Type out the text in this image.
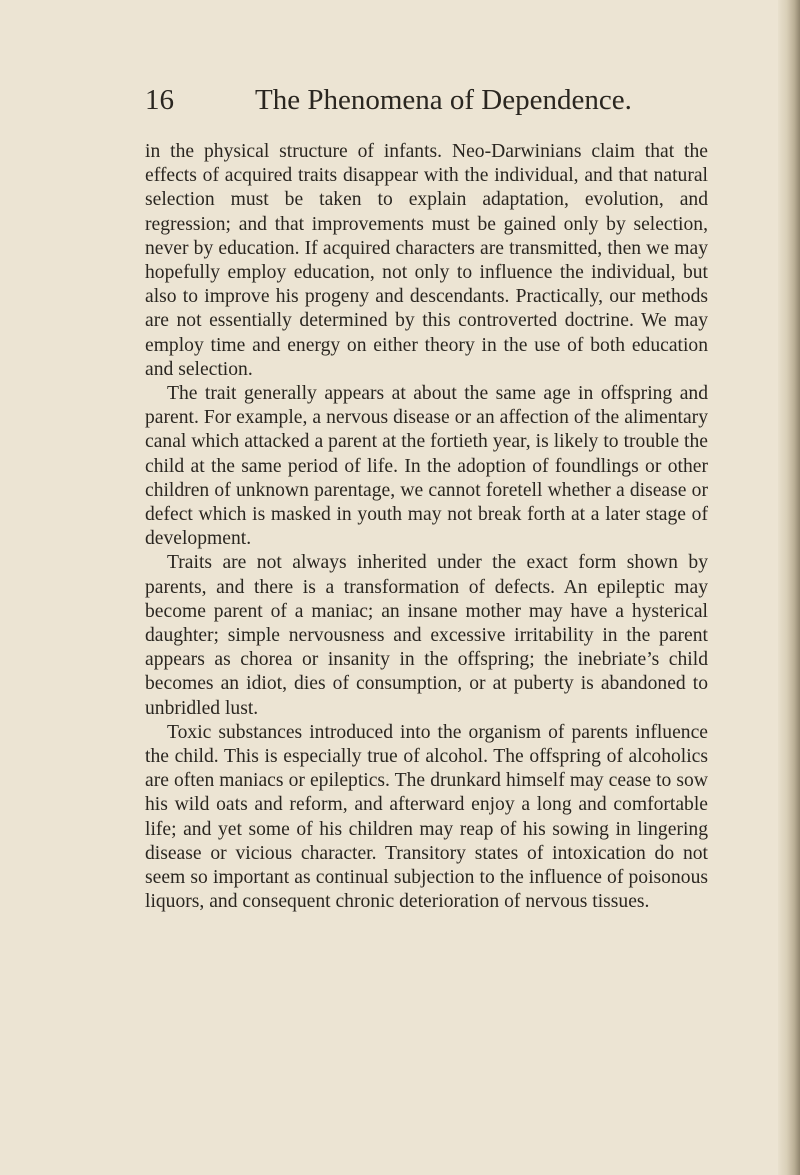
16	The Phenomena of Dependence.

in the physical structure of infants. Neo-Darwinians claim that the effects of acquired traits disappear with the individual, and that natural selection must be taken to explain adaptation, evolution, and regression; and that improvements must be gained only by selection, never by education. If acquired characters are transmitted, then we may hopefully employ education, not only to influence the individual, but also to improve his progeny and descendants. Practically, our methods are not essentially determined by this controverted doctrine. We may employ time and energy on either theory in the use of both education and selection.

The trait generally appears at about the same age in offspring and parent. For example, a nervous disease or an affection of the alimentary canal which attacked a parent at the fortieth year, is likely to trouble the child at the same period of life. In the adoption of foundlings or other children of unknown parentage, we cannot foretell whether a disease or defect which is masked in youth may not break forth at a later stage of development.

Traits are not always inherited under the exact form shown by parents, and there is a transformation of defects. An epileptic may become parent of a maniac; an insane mother may have a hysterical daughter; simple nervousness and excessive irritability in the parent appears as chorea or insanity in the offspring; the inebriate’s child becomes an idiot, dies of consumption, or at puberty is abandoned to unbridled lust.

Toxic substances introduced into the organism of parents influence the child. This is especially true of alcohol. The offspring of alcoholics are often maniacs or epileptics. The drunkard himself may cease to sow his wild oats and reform, and afterward enjoy a long and comfortable life; and yet some of his children may reap of his sowing in lingering disease or vicious character. Transitory states of intoxication do not seem so important as continual subjection to the influence of poisonous liquors, and consequent chronic deterioration of nervous tissues.
